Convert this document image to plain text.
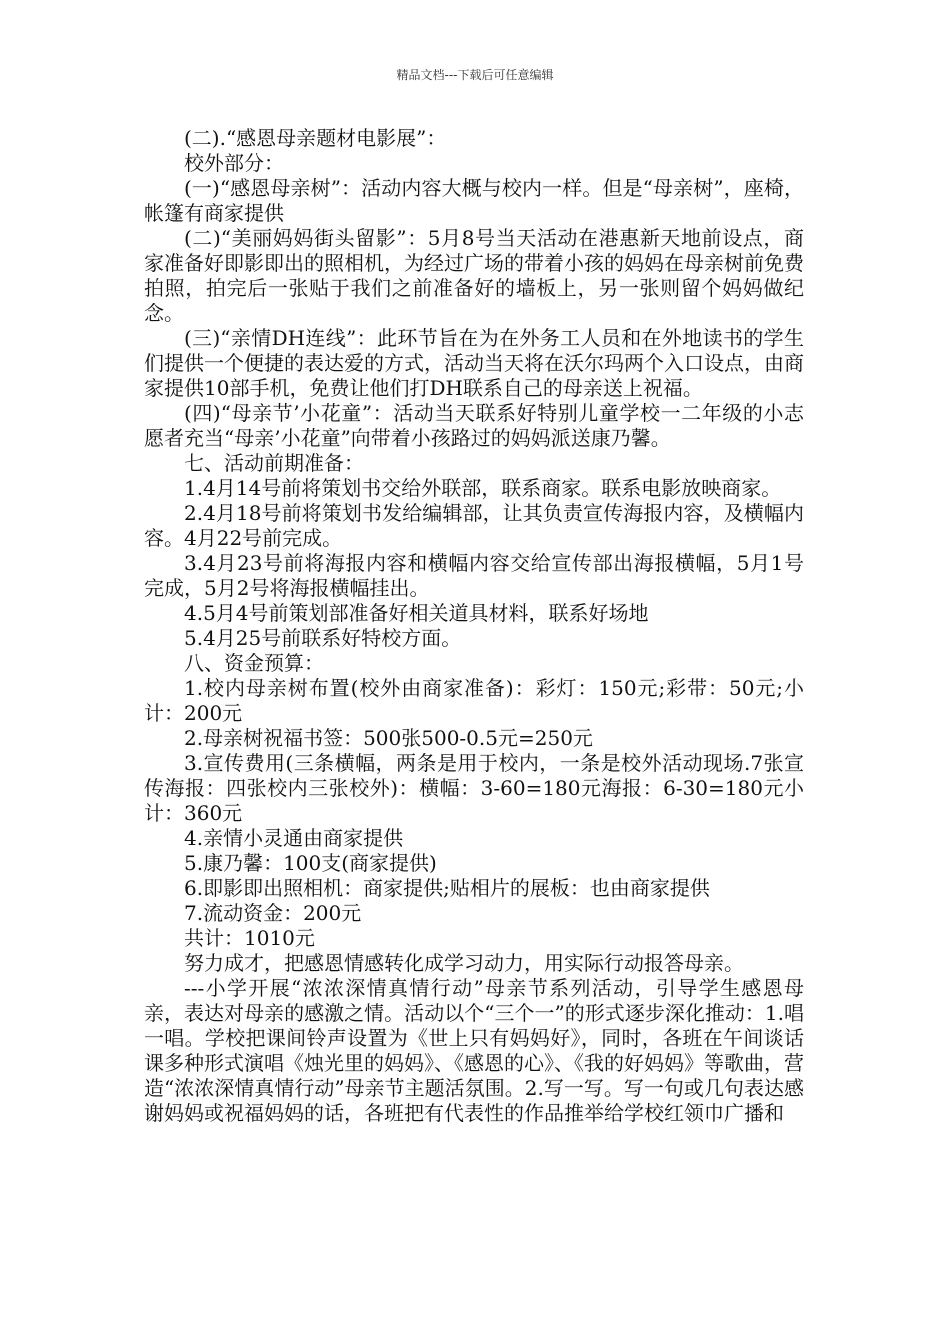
精品文档---下载后可任意编辑

(二).“感恩母亲题材电影展”：

校外部分：

(一)“感恩母亲树”：活动内容大概与校内一样。但是“母亲树”，座椅，帐篷有商家提供

(二)“美丽妈妈街头留影”：5月8号当天活动在港惠新天地前设点，商家准备好即影即出的照相机，为经过广场的带着小孩的妈妈在母亲树前免费拍照，拍完后一张贴于我们之前准备好的墙板上，另一张则留个妈妈做纪念。

(三)“亲情DH连线”：此环节旨在为在外务工人员和在外地读书的学生们提供一个便捷的表达爱的方式，活动当天将在沃尔玛两个入口设点，由商家提供10部手机，免费让他们打DH联系自己的母亲送上祝福。

(四)“母亲节’小花童”：活动当天联系好特别儿童学校一二年级的小志愿者充当“母亲’小花童”向带着小孩路过的妈妈派送康乃馨。

七、活动前期准备：

1.4月14号前将策划书交给外联部，联系商家。联系电影放映商家。

2.4月18号前将策划书发给编辑部，让其负责宣传海报内容，及横幅内容。4月22号前完成。

3.4月23号前将海报内容和横幅内容交给宣传部出海报横幅，5月1号完成，5月2号将海报横幅挂出。

4.5月4号前策划部准备好相关道具材料，联系好场地

5.4月25号前联系好特校方面。

八、资金预算：

1.校内母亲树布置(校外由商家准备)：彩灯：150元;彩带：50元;小计：200元

2.母亲树祝福书签：500张500-0.5元=250元

3.宣传费用(三条横幅，两条是用于校内，一条是校外活动现场.7张宣传海报：四张校内三张校外)：横幅：3-60=180元海报：6-30=180元小计：360元

4.亲情小灵通由商家提供

5.康乃馨：100支(商家提供)

6.即影即出照相机：商家提供;贴相片的展板：也由商家提供

7.流动资金：200元

共计：1010元

努力成才，把感恩情感转化成学习动力，用实际行动报答母亲。

---小学开展“浓浓深情真情行动”母亲节系列活动，引导学生感恩母亲，表达对母亲的感激之情。活动以个“三个一”的形式逐步深化推动：1.唱一唱。学校把课间铃声设置为《世上只有妈妈好》，同时，各班在午间谈话课多种形式演唱《烛光里的妈妈》、《感恩的心》、《我的好妈妈》等歌曲，营造“浓浓深情真情行动”母亲节主题活氛围。2.写一写。写一句或几句表达感谢妈妈或祝福妈妈的话，各班把有代表性的作品推举给学校红领巾广播和
